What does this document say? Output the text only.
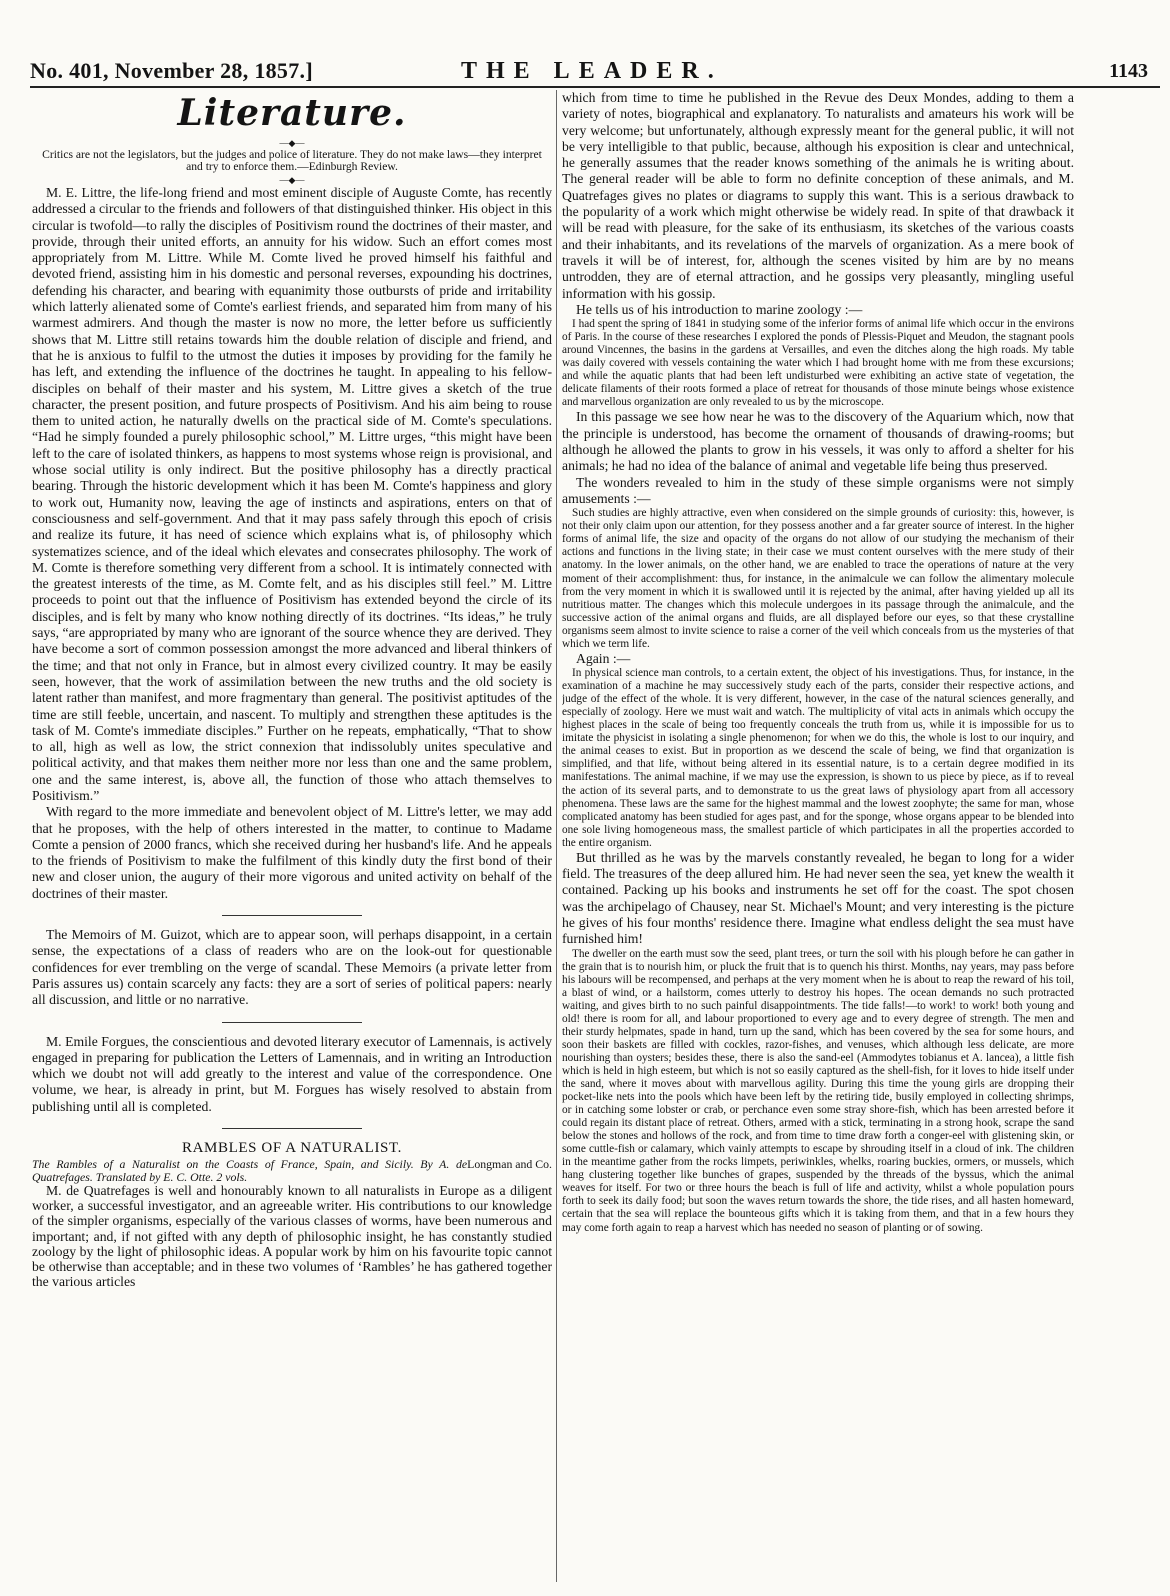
No. 401, November 28, 1857.]	THE LEADER.	1143
Literature.
—◆—

Critics are not the legislators, but the judges and police of literature. They do not make laws—they interpret and try to enforce them.—Edinburgh Review.

—◆—

M. E. Littre, the life-long friend and most eminent disciple of Auguste Comte, has recently addressed a circular to the friends and followers of that distinguished thinker. His object in this circular is twofold—to rally the disciples of Positivism round the doctrines of their master, and provide, through their united efforts, an annuity for his widow. Such an effort comes most appropriately from M. Littre. While M. Comte lived he proved himself his faithful and devoted friend, assisting him in his domestic and personal reverses, expounding his doctrines, defending his character, and bearing with equanimity those outbursts of pride and irritability which latterly alienated some of Comte's earliest friends, and separated him from many of his warmest admirers. And though the master is now no more, the letter before us sufficiently shows that M. Littre still retains towards him the double relation of disciple and friend, and that he is anxious to fulfil to the utmost the duties it imposes by providing for the family he has left, and extending the influence of the doctrines he taught. In appealing to his fellow-disciples on behalf of their master and his system, M. Littre gives a sketch of the true character, the present position, and future prospects of Positivism. And his aim being to rouse them to united action, he naturally dwells on the practical side of M. Comte's speculations. “Had he simply founded a purely philosophic school,” M. Littre urges, “this might have been left to the care of isolated thinkers, as happens to most systems whose reign is provisional, and whose social utility is only indirect. But the positive philosophy has a directly practical bearing. Through the historic development which it has been M. Comte's happiness and glory to work out, Humanity now, leaving the age of instincts and aspirations, enters on that of consciousness and self-government. And that it may pass safely through this epoch of crisis and realize its future, it has need of science which explains what is, of philosophy which systematizes science, and of the ideal which elevates and consecrates philosophy. The work of M. Comte is therefore something very different from a school. It is intimately connected with the greatest interests of the time, as M. Comte felt, and as his disciples still feel.” M. Littre proceeds to point out that the influence of Positivism has extended beyond the circle of its disciples, and is felt by many who know nothing directly of its doctrines. “Its ideas,” he truly says, “are appropriated by many who are ignorant of the source whence they are derived. They have become a sort of common possession amongst the more advanced and liberal thinkers of the time; and that not only in France, but in almost every civilized country. It may be easily seen, however, that the work of assimilation between the new truths and the old society is latent rather than manifest, and more fragmentary than general. The positivist aptitudes of the time are still feeble, uncertain, and nascent. To multiply and strengthen these aptitudes is the task of M. Comte's immediate disciples.” Further on he repeats, emphatically, “That to show to all, high as well as low, the strict connexion that indissolubly unites speculative and political activity, and that makes them neither more nor less than one and the same problem, one and the same interest, is, above all, the function of those who attach themselves to Positivism.”

With regard to the more immediate and benevolent object of M. Littre's letter, we may add that he proposes, with the help of others interested in the matter, to continue to Madame Comte a pension of 2000 francs, which she received during her husband's life. And he appeals to the friends of Positivism to make the fulfilment of this kindly duty the first bond of their new and closer union, the augury of their more vigorous and united activity on behalf of the doctrines of their master.

The Memoirs of M. Guizot, which are to appear soon, will perhaps disappoint, in a certain sense, the expectations of a class of readers who are on the look-out for questionable confidences for ever trembling on the verge of scandal. These Memoirs (a private letter from Paris assures us) contain scarcely any facts: they are a sort of series of political papers: nearly all discussion, and little or no narrative.

M. Emile Forgues, the conscientious and devoted literary executor of Lamennais, is actively engaged in preparing for publication the Letters of Lamennais, and in writing an Introduction which we doubt not will add greatly to the interest and value of the correspondence. One volume, we hear, is already in print, but M. Forgues has wisely resolved to abstain from publishing until all is completed.

RAMBLES OF A NATURALIST.

Longman and Co.
The Rambles of a Naturalist on the Coasts of France, Spain, and Sicily. By A. de Quatrefages. Translated by E. C. Otte. 2 vols.

M. de Quatrefages is well and honourably known to all naturalists in Europe as a diligent worker, a successful investigator, and an agreeable writer. His contributions to our knowledge of the simpler organisms, especially of the various classes of worms, have been numerous and important; and, if not gifted with any depth of philosophic insight, he has constantly studied zoology by the light of philosophic ideas. A popular work by him on his favourite topic cannot be otherwise than acceptable; and in these two volumes of ‘Rambles’ he has gathered together the various articles

which from time to time he published in the Revue des Deux Mondes, adding to them a variety of notes, biographical and explanatory. To naturalists and amateurs his work will be very welcome; but unfortunately, although expressly meant for the general public, it will not be very intelligible to that public, because, although his exposition is clear and untechnical, he generally assumes that the reader knows something of the animals he is writing about. The general reader will be able to form no definite conception of these animals, and M. Quatrefages gives no plates or diagrams to supply this want. This is a serious drawback to the popularity of a work which might otherwise be widely read. In spite of that drawback it will be read with pleasure, for the sake of its enthusiasm, its sketches of the various coasts and their inhabitants, and its revelations of the marvels of organization. As a mere book of travels it will be of interest, for, although the scenes visited by him are by no means untrodden, they are of eternal attraction, and he gossips very pleasantly, mingling useful information with his gossip.

He tells us of his introduction to marine zoology :—

I had spent the spring of 1841 in studying some of the inferior forms of animal life which occur in the environs of Paris. In the course of these researches I explored the ponds of Plessis-Piquet and Meudon, the stagnant pools around Vincennes, the basins in the gardens at Versailles, and even the ditches along the high roads. My table was daily covered with vessels containing the water which I had brought home with me from these excursions; and while the aquatic plants that had been left undisturbed were exhibiting an active state of vegetation, the delicate filaments of their roots formed a place of retreat for thousands of those minute beings whose existence and marvellous organization are only revealed to us by the microscope.

In this passage we see how near he was to the discovery of the Aquarium which, now that the principle is understood, has become the ornament of thousands of drawing-rooms; but although he allowed the plants to grow in his vessels, it was only to afford a shelter for his animals; he had no idea of the balance of animal and vegetable life being thus preserved.

The wonders revealed to him in the study of these simple organisms were not simply amusements :—

Such studies are highly attractive, even when considered on the simple grounds of curiosity: this, however, is not their only claim upon our attention, for they possess another and a far greater source of interest. In the higher forms of animal life, the size and opacity of the organs do not allow of our studying the mechanism of their actions and functions in the living state; in their case we must content ourselves with the mere study of their anatomy. In the lower animals, on the other hand, we are enabled to trace the operations of nature at the very moment of their accomplishment: thus, for instance, in the animalcule we can follow the alimentary molecule from the very moment in which it is swallowed until it is rejected by the animal, after having yielded up all its nutritious matter. The changes which this molecule undergoes in its passage through the animalcule, and the successive action of the animal organs and fluids, are all displayed before our eyes, so that these crystalline organisms seem almost to invite science to raise a corner of the veil which conceals from us the mysteries of that which we term life.

Again :—

In physical science man controls, to a certain extent, the object of his investigations. Thus, for instance, in the examination of a machine he may successively study each of the parts, consider their respective actions, and judge of the effect of the whole. It is very different, however, in the case of the natural sciences generally, and especially of zoology. Here we must wait and watch. The multiplicity of vital acts in animals which occupy the highest places in the scale of being too frequently conceals the truth from us, while it is impossible for us to imitate the physicist in isolating a single phenomenon; for when we do this, the whole is lost to our inquiry, and the animal ceases to exist. But in proportion as we descend the scale of being, we find that organization is simplified, and that life, without being altered in its essential nature, is to a certain degree modified in its manifestations. The animal machine, if we may use the expression, is shown to us piece by piece, as if to reveal the action of its several parts, and to demonstrate to us the great laws of physiology apart from all accessory phenomena. These laws are the same for the highest mammal and the lowest zoophyte; the same for man, whose complicated anatomy has been studied for ages past, and for the sponge, whose organs appear to be blended into one sole living homogeneous mass, the smallest particle of which participates in all the properties accorded to the entire organism.

But thrilled as he was by the marvels constantly revealed, he began to long for a wider field. The treasures of the deep allured him. He had never seen the sea, yet knew the wealth it contained. Packing up his books and instruments he set off for the coast. The spot chosen was the archipelago of Chausey, near St. Michael's Mount; and very interesting is the picture he gives of his four months' residence there. Imagine what endless delight the sea must have furnished him!

The dweller on the earth must sow the seed, plant trees, or turn the soil with his plough before he can gather in the grain that is to nourish him, or pluck the fruit that is to quench his thirst. Months, nay years, may pass before his labours will be recompensed, and perhaps at the very moment when he is about to reap the reward of his toil, a blast of wind, or a hailstorm, comes utterly to destroy his hopes. The ocean demands no such protracted waiting, and gives birth to no such painful disappointments. The tide falls!—to work! to work! both young and old! there is room for all, and labour proportioned to every age and to every degree of strength. The men and their sturdy helpmates, spade in hand, turn up the sand, which has been covered by the sea for some hours, and soon their baskets are filled with cockles, razor-fishes, and venuses, which although less delicate, are more nourishing than oysters; besides these, there is also the sand-eel (Ammodytes tobianus et A. lancea), a little fish which is held in high esteem, but which is not so easily captured as the shell-fish, for it loves to hide itself under the sand, where it moves about with marvellous agility. During this time the young girls are dropping their pocket-like nets into the pools which have been left by the retiring tide, busily employed in collecting shrimps, or in catching some lobster or crab, or perchance even some stray shore-fish, which has been arrested before it could regain its distant place of retreat. Others, armed with a stick, terminating in a strong hook, scrape the sand below the stones and hollows of the rock, and from time to time draw forth a conger-eel with glistening skin, or some cuttle-fish or calamary, which vainly attempts to escape by shrouding itself in a cloud of ink. The children in the meantime gather from the rocks limpets, periwinkles, whelks, roaring buckies, ormers, or mussels, which hang clustering together like bunches of grapes, suspended by the threads of the byssus, which the animal weaves for itself. For two or three hours the beach is full of life and activity, whilst a whole population pours forth to seek its daily food; but soon the waves return towards the shore, the tide rises, and all hasten homeward, certain that the sea will replace the bounteous gifts which it is taking from them, and that in a few hours they may come forth again to reap a harvest which has needed no season of planting or of sowing.
